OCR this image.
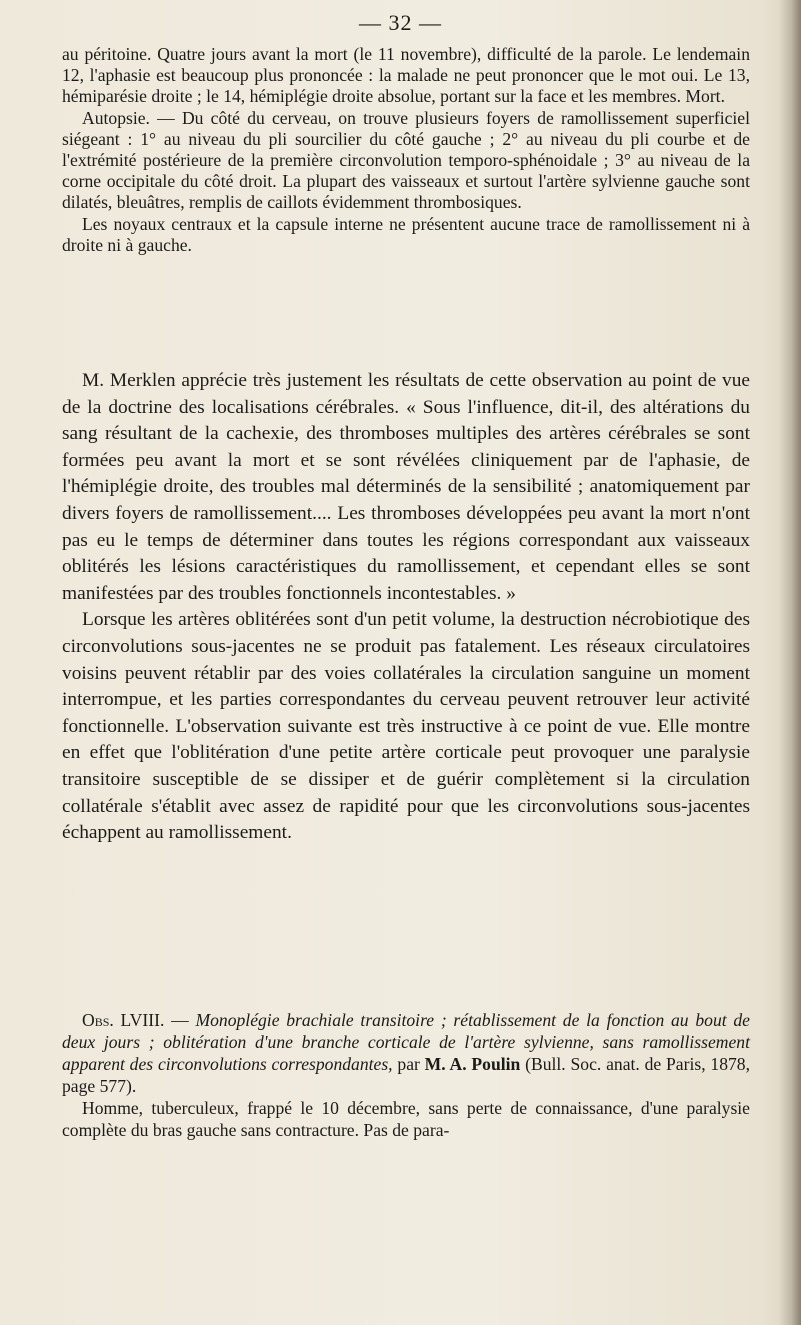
— 32 —

au péritoine. Quatre jours avant la mort (le 11 novembre), difficulté de la parole. Le lendemain 12, l'aphasie est beaucoup plus prononcée : la malade ne peut prononcer que le mot oui. Le 13, hémiparésie droite ; le 14, hémiplégie droite absolue, portant sur la face et les membres. Mort.

Autopsie. — Du côté du cerveau, on trouve plusieurs foyers de ramollissement superficiel siégeant : 1° au niveau du pli sourcilier du côté gauche ; 2° au niveau du pli courbe et de l'extrémité postérieure de la première circonvolution temporo-sphénoidale ; 3° au niveau de la corne occipitale du côté droit. La plupart des vaisseaux et surtout l'artère sylvienne gauche sont dilatés, bleuâtres, remplis de caillots évidemment thrombosiques.

Les noyaux centraux et la capsule interne ne présentent aucune trace de ramollissement ni à droite ni à gauche.

M. Merklen apprécie très justement les résultats de cette observation au point de vue de la doctrine des localisations cérébrales. « Sous l'influence, dit-il, des altérations du sang résultant de la cachexie, des thromboses multiples des artères cérébrales se sont formées peu avant la mort et se sont révélées cliniquement par de l'aphasie, de l'hémiplégie droite, des troubles mal déterminés de la sensibilité ; anatomiquement par divers foyers de ramollissement.... Les thromboses développées peu avant la mort n'ont pas eu le temps de déterminer dans toutes les régions correspondant aux vaisseaux oblitérés les lésions caractéristiques du ramollissement, et cependant elles se sont manifestées par des troubles fonctionnels incontestables. »

Lorsque les artères oblitérées sont d'un petit volume, la destruction nécrobiotique des circonvolutions sous-jacentes ne se produit pas fatalement. Les réseaux circulatoires voisins peuvent rétablir par des voies collatérales la circulation sanguine un moment interrompue, et les parties correspondantes du cerveau peuvent retrouver leur activité fonctionnelle. L'observation suivante est très instructive à ce point de vue. Elle montre en effet que l'oblitération d'une petite artère corticale peut provoquer une paralysie transitoire susceptible de se dissiper et de guérir complètement si la circulation collatérale s'établit avec assez de rapidité pour que les circonvolutions sous-jacentes échappent au ramollissement.

Obs. LVIII. — Monoplégie brachiale transitoire ; rétablissement de la fonction au bout de deux jours ; oblitération d'une branche corticale de l'artère sylvienne, sans ramollissement apparent des circonvolutions correspondantes, par M. A. Poulin (Bull. Soc. anat. de Paris, 1878, page 577).

Homme, tuberculeux, frappé le 10 décembre, sans perte de connaissance, d'une paralysie complète du bras gauche sans contracture. Pas de para-
